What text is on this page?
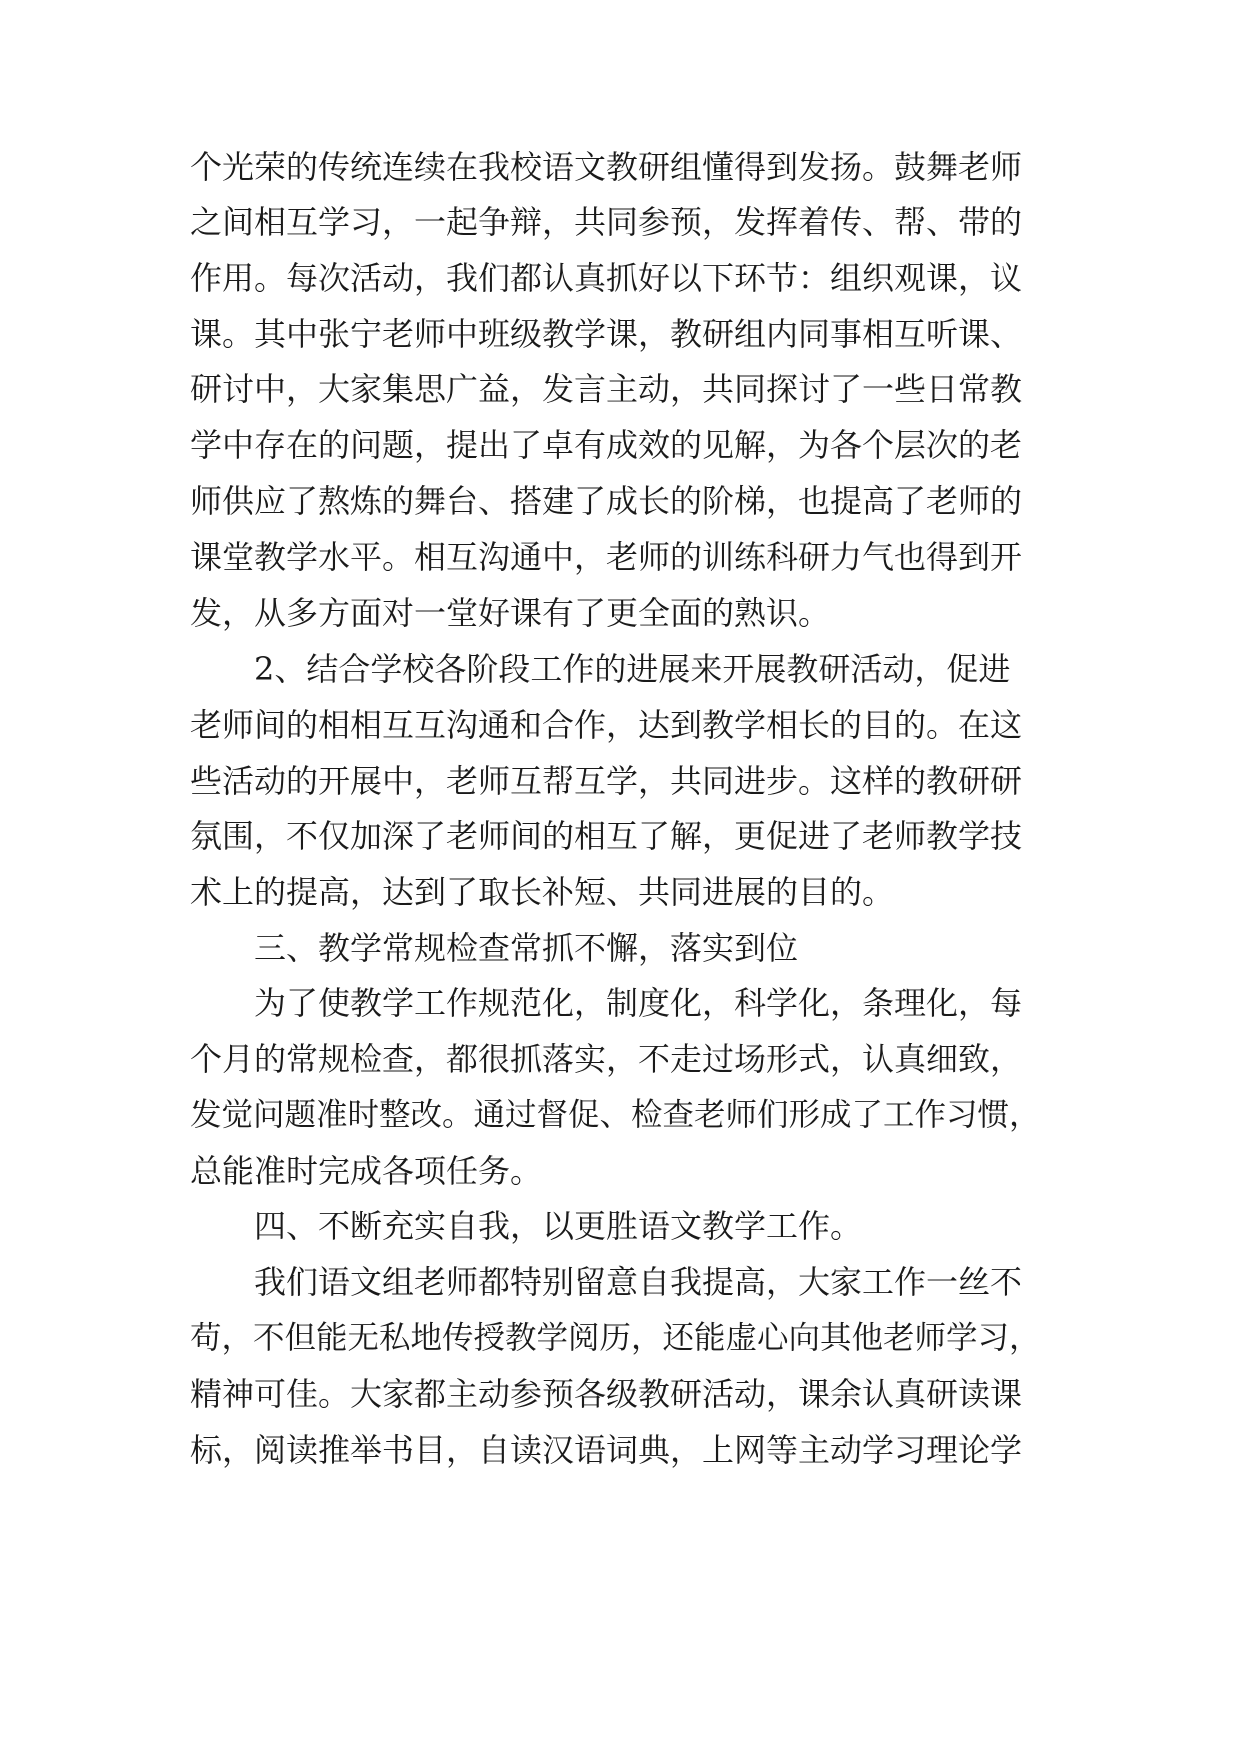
个光荣的传统连续在我校语文教研组懂得到发扬。鼓舞老师

之间相互学习，一起争辩，共同参预，发挥着传、帮、带的

作用。每次活动，我们都认真抓好以下环节：组织观课，议

课。其中张宁老师中班级教学课，教研组内同事相互听课、

研讨中，大家集思广益，发言主动，共同探讨了一些日常教

学中存在的问题，提出了卓有成效的见解，为各个层次的老

师供应了熬炼的舞台、搭建了成长的阶梯，也提高了老师的

课堂教学水平。相互沟通中，老师的训练科研力气也得到开

发，从多方面对一堂好课有了更全面的熟识。

2、结合学校各阶段工作的进展来开展教研活动，促进

老师间的相相互互沟通和合作，达到教学相长的目的。在这

些活动的开展中，老师互帮互学，共同进步。这样的教研研

氛围，不仅加深了老师间的相互了解，更促进了老师教学技

术上的提高，达到了取长补短、共同进展的目的。

三、教学常规检查常抓不懈，落实到位

为了使教学工作规范化，制度化，科学化，条理化，每

个月的常规检查，都很抓落实，不走过场形式，认真细致，

发觉问题准时整改。通过督促、检查老师们形成了工作习惯，

总能准时完成各项任务。

四、不断充实自我，以更胜语文教学工作。

我们语文组老师都特别留意自我提高，大家工作一丝不

苟，不但能无私地传授教学阅历，还能虚心向其他老师学习，

精神可佳。大家都主动参预各级教研活动，课余认真研读课

标，阅读推举书目，自读汉语词典，上网等主动学习理论学
